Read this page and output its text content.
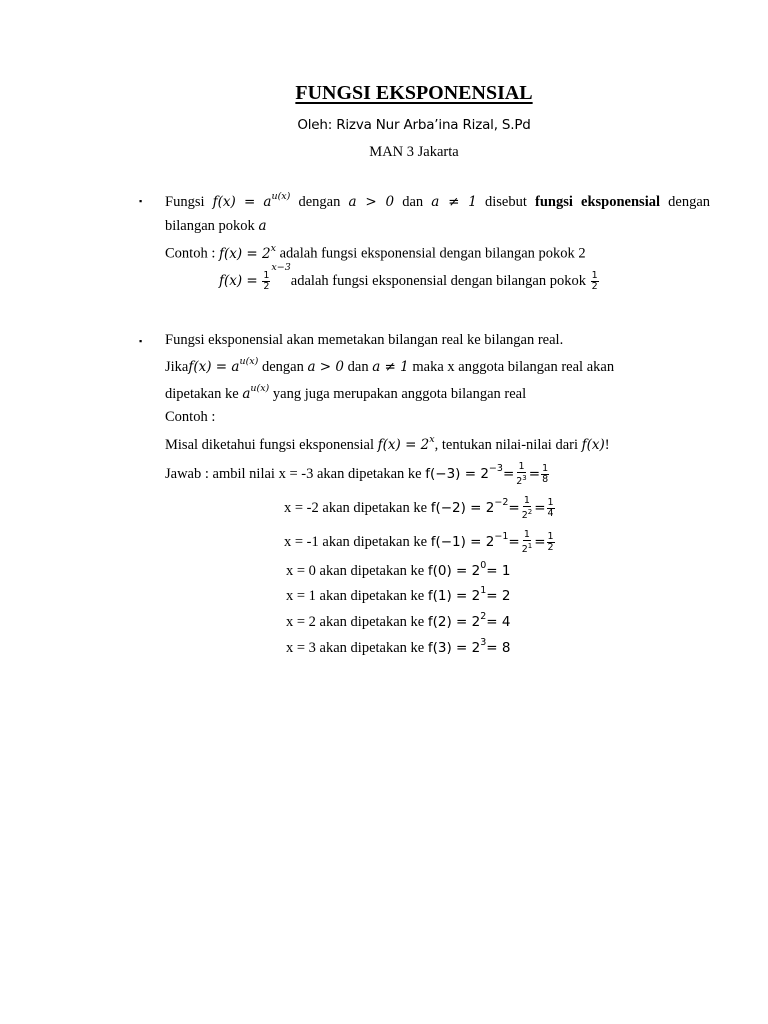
FUNGSI EKSPONENSIAL
Oleh: Rizva Nur Arba’ina Rizal, S.Pd
MAN 3 Jakarta
▪ Fungsi $f(x) = a^{u(x)}$ dengan a > 0 dan a ≠ 1 disebut fungsi eksponensial dengan
bilangan pokok a
Contoh : $f(x) = 2^x$ adalah fungsi eksponensial dengan bilangan pokok 2
$f(x) = \frac{1}{2}$
$^{x-3}$adalah fungsi eksponensial dengan bilangan pokok $\frac{1}{2}$
▪ Fungsi eksponensial akan memetakan bilangan real ke bilangan real.
Jikaf(x) = $a^{u(x)}$ dengan a > 0 dan a ≠ 1 maka x anggota bilangan real akan
dipetakan ke $a^{u(x)}$ yang juga merupakan anggota bilangan real
Contoh :
Misal diketahui fungsi eksponensial $f(x) = 2^x$, tentukan nilai-nilai dari f(x)!
Jawab : ambil nilai x = -3 akan dipetakan ke $f(-3) = 2^{-3}= \frac{1}{2^3} = \frac{1}{8}$
x = -2 akan dipetakan ke $f(-2) = 2^{-2}= \frac{1}{2^2} = \frac{1}{4}$
x = -1 akan dipetakan ke $f(-1) = 2^{-1}= \frac{1}{2^1} = \frac{1}{2}$
x = 0 akan dipetakan ke $f(0) = 2^0= 1$
x = 1 akan dipetakan ke $f(1) = 2^1= 2$
x = 2 akan dipetakan ke $f(2) = 2^2= 4$
x = 3 akan dipetakan ke $f(3) = 2^3= 8$
